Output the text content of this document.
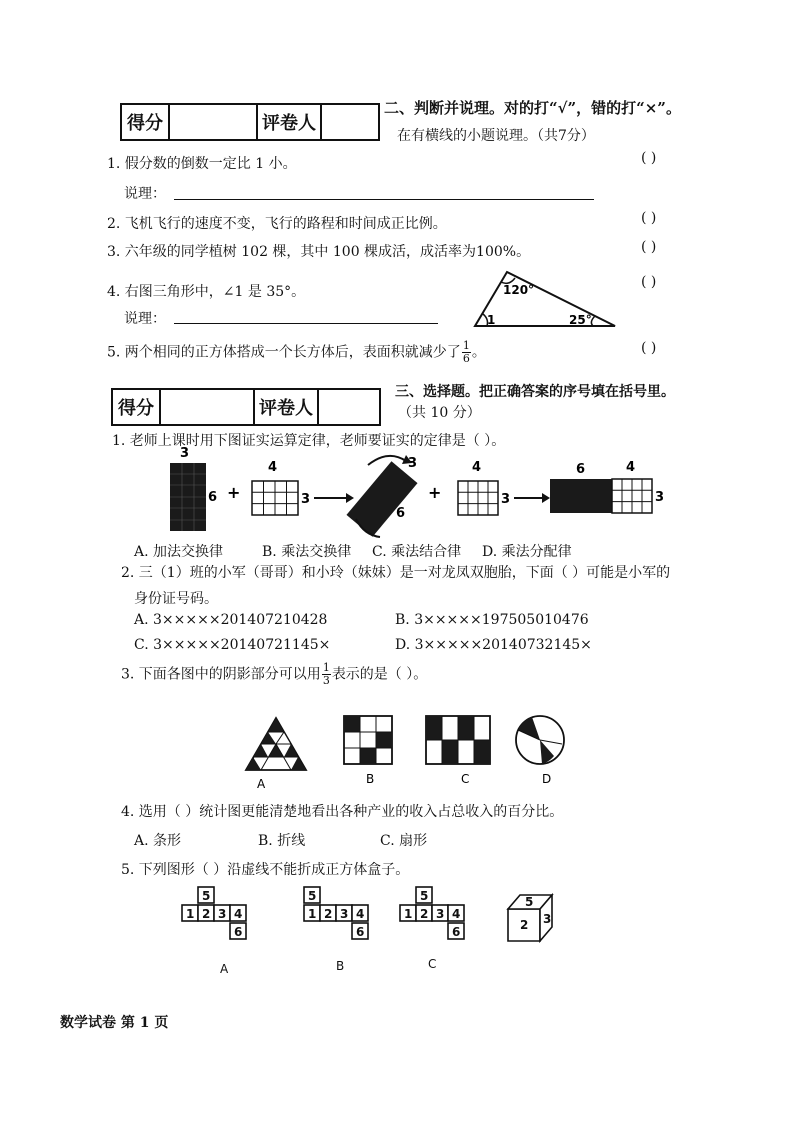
得分	评卷人
二、判断并说理。对的打“√”，错的打“×”。
在有横线的小题说理。（共7分）
1. 假分数的倒数一定比 1 小。	( )
说理：
2. 飞机飞行的速度不变，飞行的路程和时间成正比例。	( )
3. 六年级的同学植树 102 棵，其中 100 棵成活，成活率为100%。	( )
4. 右图三角形中，∠1 是 35°。
( )
说理：
120°
1	25°
5. 两个相同的正方体搭成一个长方体后，表面积就减少了 $\frac{1}{6}$ 。	( )
得分	评卷人
三、选择题。把正确答案的序号填在括号里。
（共 10 分）
1. 老师上课时用下图证实运算定律，老师要证实的定律是（ ）。
3
6 +
4
3
3
6
+
4
3
6	4
3
A. 加法交换律	B. 乘法交换律 C. 乘法结合律 D. 乘法分配律
2. 三（1）班的小军（哥哥）和小玲（妹妹）是一对龙凤双胞胎，下面（ ）可能是小军的
身份证号码。
A. 3×××××201407210428	B. 3×××××197505010476
C. 3×××××20140721145×	D. 3×××××20140732145×
3. 下面各图中的阴影部分可以用 $\frac{1}{3}$ 表示的是（ ）。
A	B	C	D
4. 选用（ ）统计图更能清楚地看出各种产业的收入占总收入的百分比。
A. 条形	B. 折线	C. 扇形
5. 下列图形（ ）沿虚线不能折成正方体盒子。
5
1 2 3 4
6
5
1 2 3 4
6
5
1 2 3 4
6
5
2 3
A	B	C
数学试卷 第 1 页
